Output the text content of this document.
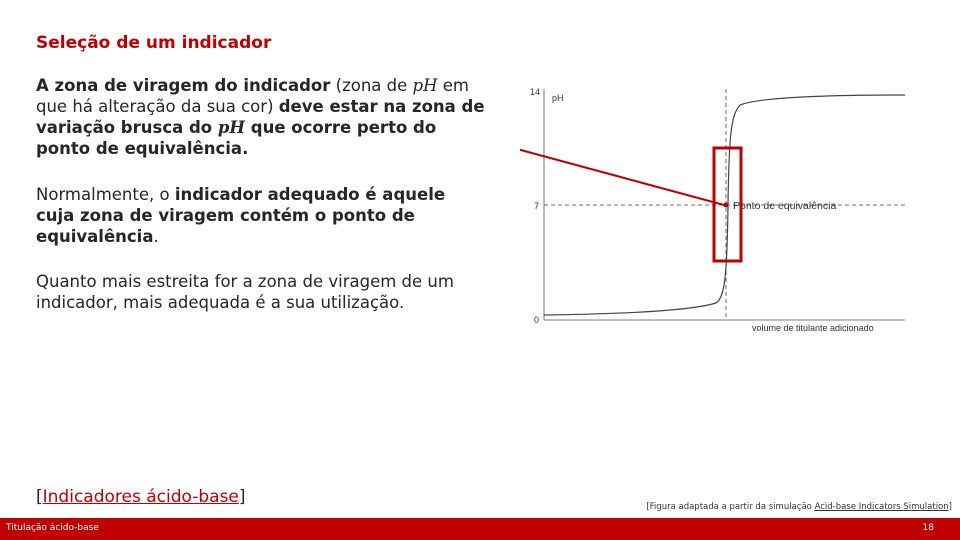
Seleção de um indicador

A zona de viragem do indicador (zona de pH em que há alteração da sua cor) deve estar na zona de variação brusca do pH que ocorre perto do ponto de equivalência.

Normalmente, o indicador adequado é aquele cuja zona de viragem contém o ponto de equivalência.

Quanto mais estreita for a zona de viragem de um indicador, mais adequada é a sua utilização.

14
7
0
pH
volume de titulante adicionado
Ponto de equivalência
[Indicadores ácido-base]	[Figura adaptada a partir da simulação Acid-base Indicators Simulation]
Titulação ácido-base	18
